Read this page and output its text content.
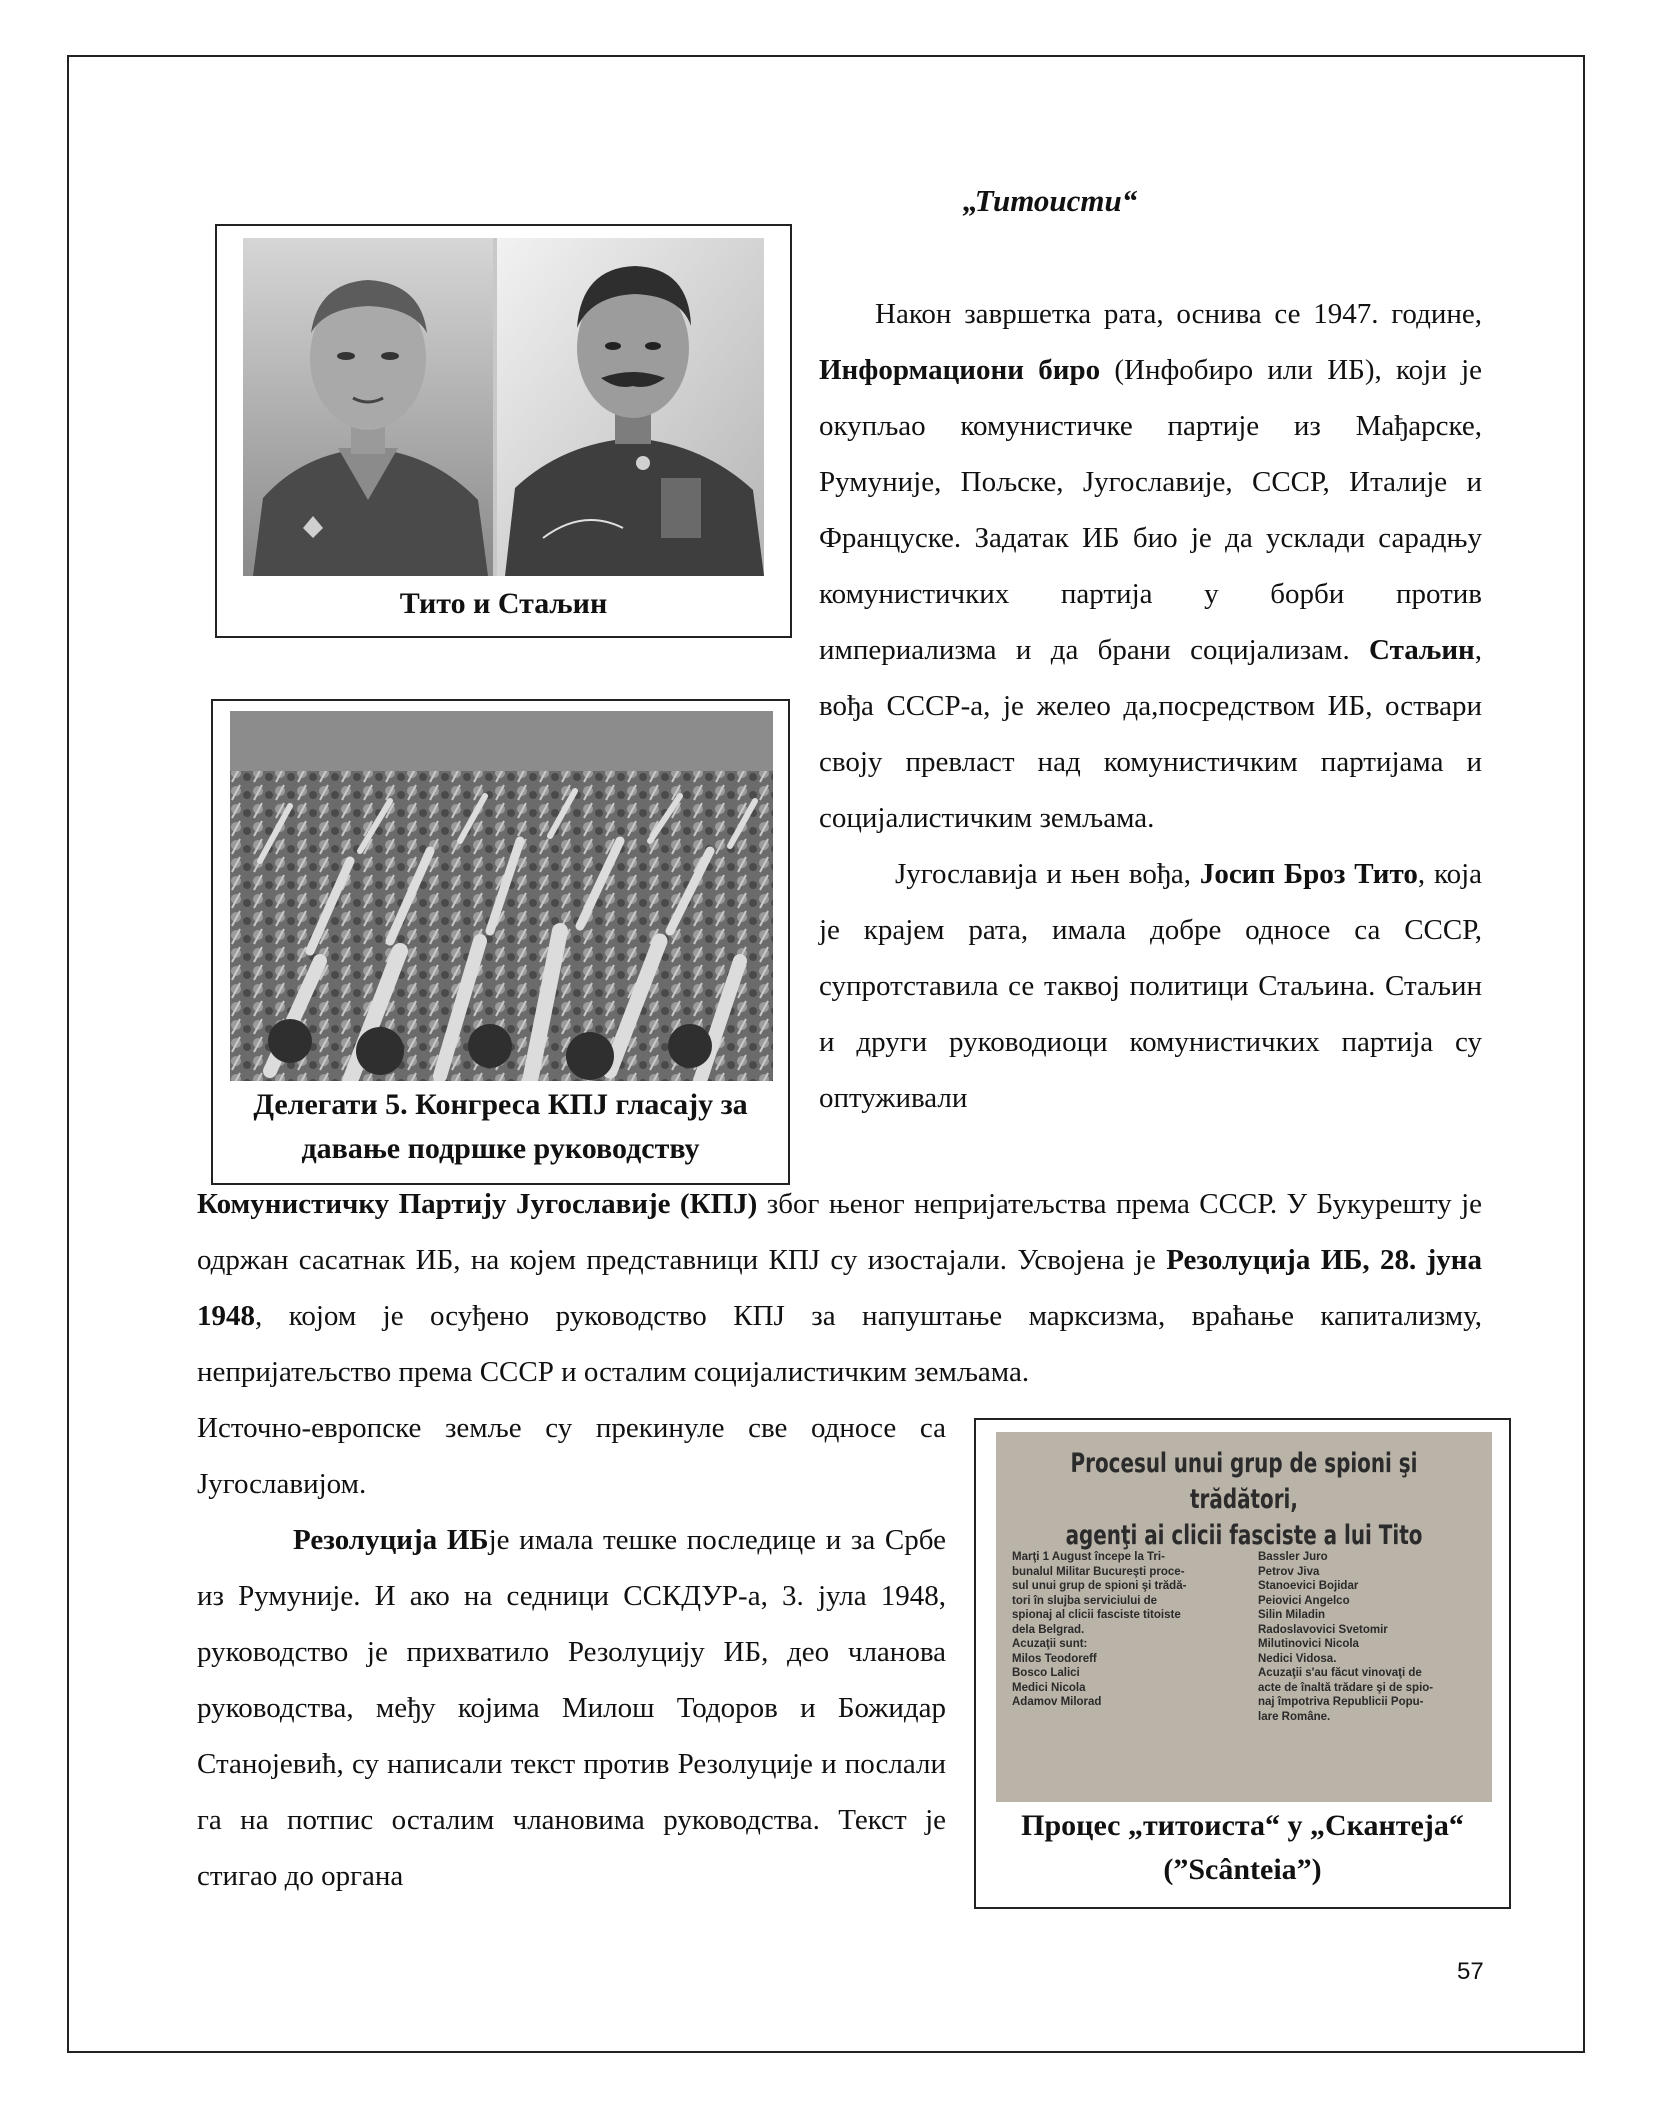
„Титоисти“

Након завршетка рата, оснива се 1947. године, Информациони биро (Инфобиро или ИБ), који је окупљао комунистичке партије из Мађарске, Румуније, Пољске, Југославије, СССР, Италије и Француске. Задатак ИБ био је да усклади сарадњу комунистичких партија у борби против империализма и да брани социјализам. Стаљин, вођа СССР-а, је желео да,посредством ИБ, оствари своју превласт над комунистичким партијама и социјалистичким земљама.

Југославија и њен вођа, Јосип Броз Тито, која је крајем рата, имала добре односе са СССР, супротставила се таквој политици Стаљина. Стаљин и други руководиоци комунистичких партија су оптуживали

Комунистичку Партију Југославије (КПЈ) због њеног непријатељства према СССР. У Букурешту је одржан сасатнак ИБ, на којем представници КПЈ су изостајали. Усвојена је Резолуција ИБ, 28. јуна 1948, којом је осуђено руководство КПЈ за напуштање марксизма, враћање капитализму, непријатељство према СССР и осталим социјалистичким земљама.

Источно-европске земље су прекинуле све односе са Југославијом.

Резолуција ИБје имала тешке последице и за Србе из Румуније. И ако на седници ССКДУР-а, 3. јула 1948, руководство је прихватило Резолуцију ИБ, део чланова руководства, међу којима Милош Тодоров и Божидар Станојевић, су написали текст против Резолуције и послали га на потпис осталим члановима руководства. Текст је стигао до органа

Тито и Стаљин
Делегати 5. Конгреса КПЈ гласају за
давање подршке руководству
Procesul unui grup de spioni şi trădători,
agenţi ai clicii fasciste a lui Tito
Marţi 1 August începe la Tri-
bunalul Militar Bucureşti proce-
sul unui grup de spioni şi trădă-
tori în slujba serviciului de
spionaj al clicii fasciste titoiste
dela Belgrad.
Acuzaţii sunt:
Milos Teodoreff
Bosco Lalici
Medici Nicola
Adamov Milorad
Bassler Juro
Petrov Jiva
Stanoevici Bojidar
Peiovici Angelco
Silin Miladin
Radoslavovici Svetomir
Milutinovici Nicola
Nedici Vidosa.
Acuzaţii s'au făcut vinovaţi de
acte de înaltă trădare şi de spio-
naj împotriva Republicii Popu-
lare Române.
Процес „титоиста“ у „Скантеја“
(”Scânteia”)
57
